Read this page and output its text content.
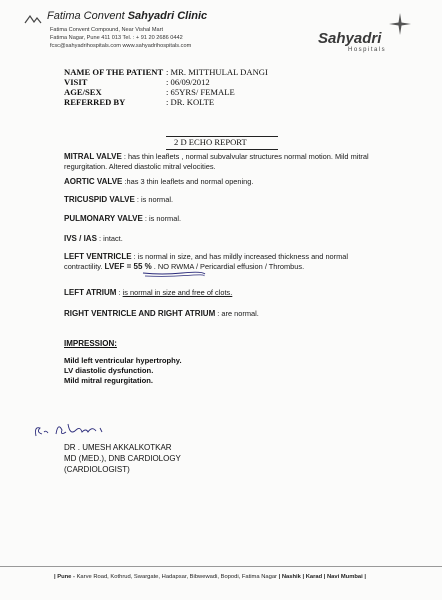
Fatima Convent Sahyadri Clinic
Fatima Convent Compound, Near Vishal Mart
Fatima Nagar, Pune 411 013 Tel. : + 91 20 2686 0442
fcsc@sahyadrihospitals.com www.sahyadrihospitals.com	Sahyadri
Hospitals
NAME OF THE PATIENT : MR. MITTHULAL DANGI
VISIT	: 06/09/2012
AGE/SEX	: 65YRS/ FEMALE
REFERRED BY	: DR. KOLTE
2 D ECHO REPORT
MITRAL VALVE : has thin leaflets , normal subvalvular structures normal motion. Mild mitral regurgitation. Altered diastolic mitral velocities.
AORTIC VALVE :has 3 thin leaflets and normal opening.
TRICUSPID VALVE : is normal.
PULMONARY VALVE : is normal.
IVS / IAS : intact.
LEFT VENTRICLE : is normal in size, and has mildly increased thickness and normal contractility. LVEF = 55 % . NO RWMA / Pericardial effusion / Thrombus.
LEFT ATRIUM : is normal in size and free of clots.
RIGHT VENTRICLE AND RIGHT ATRIUM : are normal.
IMPRESSION:
Mild left ventricular hypertrophy.
LV diastolic dysfunction.
Mild mitral regurgitation.
DR . UMESH AKKALKOTKAR
MD (MED.), DNB CARDIOLOGY
(CARDIOLOGIST)
| Pune - Karve Road, Kothrud, Swargate, Hadapsar, Bibwewadi, Bopodi, Fatima Nagar | Nashik | Karad | Navi Mumbai |
